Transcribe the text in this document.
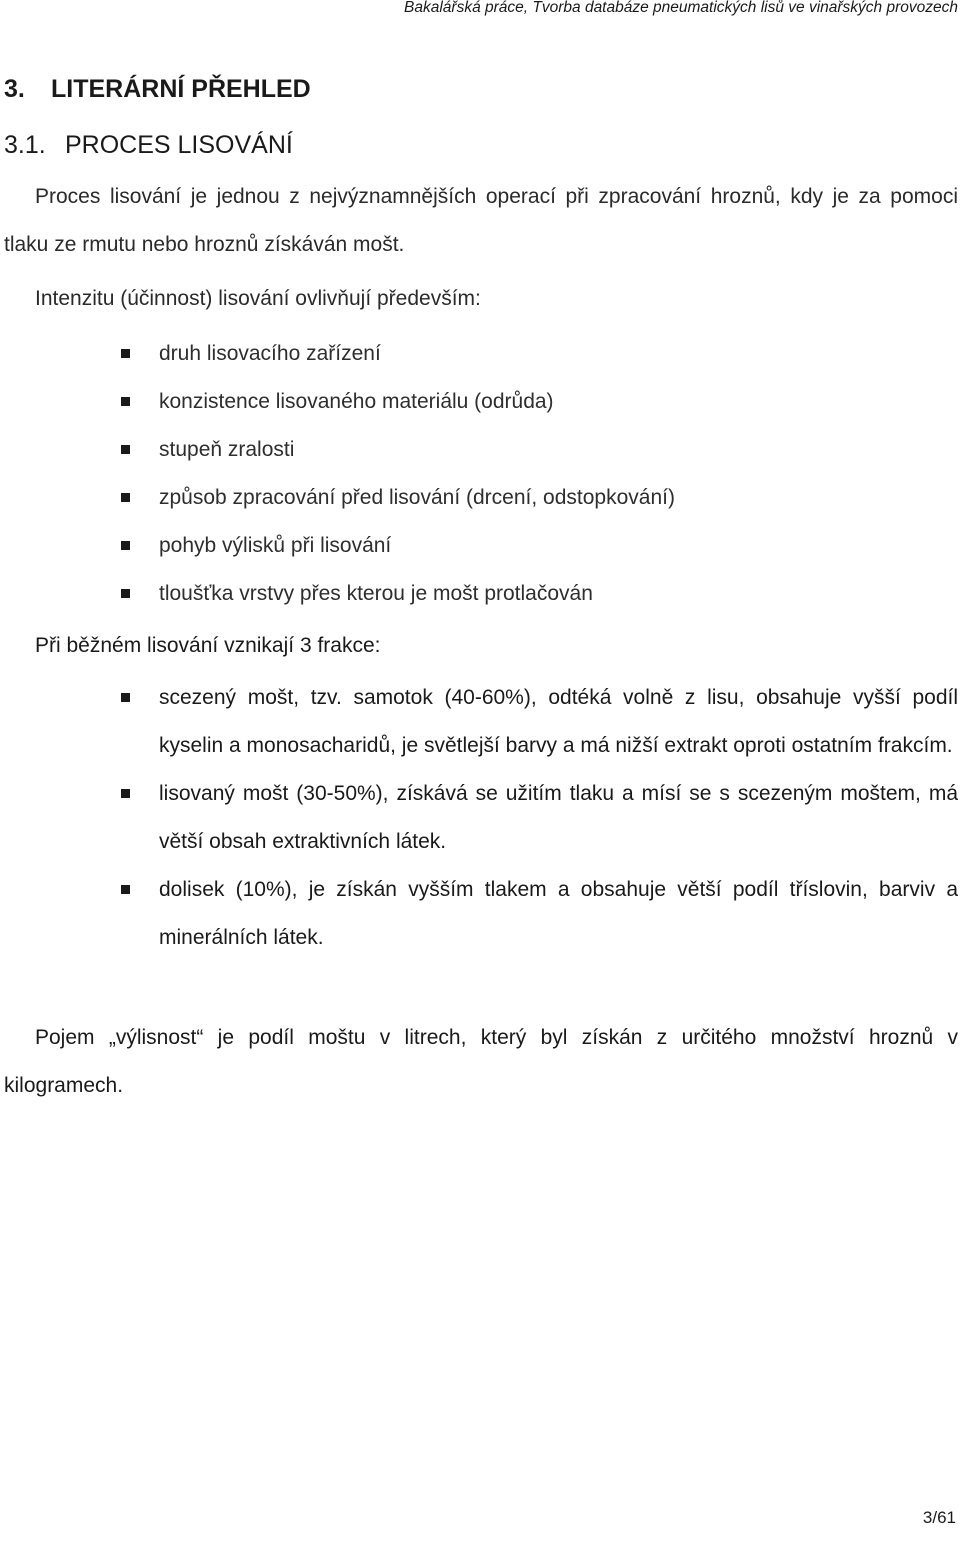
Bakalářská práce, Tvorba databáze pneumatických lisů ve vinařských provozech
3. LITERÁRNÍ PŘEHLED
3.1. PROCES LISOVÁNÍ

Proces lisování je jednou z nejvýznamnějších operací při zpracování hroznů, kdy je za pomoci tlaku ze rmutu nebo hroznů získáván mošt.

Intenzitu (účinnost) lisování ovlivňují především:

druh lisovacího zařízení
konzistence lisovaného materiálu (odrůda)
stupeň zralosti
způsob zpracování před lisování (drcení, odstopkování)
pohyb výlisků při lisování
tloušťka vrstvy přes kterou je mošt protlačován

Při běžném lisování vznikají 3 frakce:

scezený mošt, tzv. samotok (40-60%), odtéká volně z lisu, obsahuje vyšší podíl kyselin a monosacharidů, je světlejší barvy a má nižší extrakt oproti ostatním frakcím.
lisovaný mošt (30-50%), získává se užitím tlaku a mísí se s scezeným moštem, má větší obsah extraktivních látek.
dolisek (10%), je získán vyšším tlakem a obsahuje větší podíl tříslovin, barviv a minerálních látek.

Pojem „výlisnost“ je podíl moštu v litrech, který byl získán z určitého množství hroznů v kilogramech.

3/61
